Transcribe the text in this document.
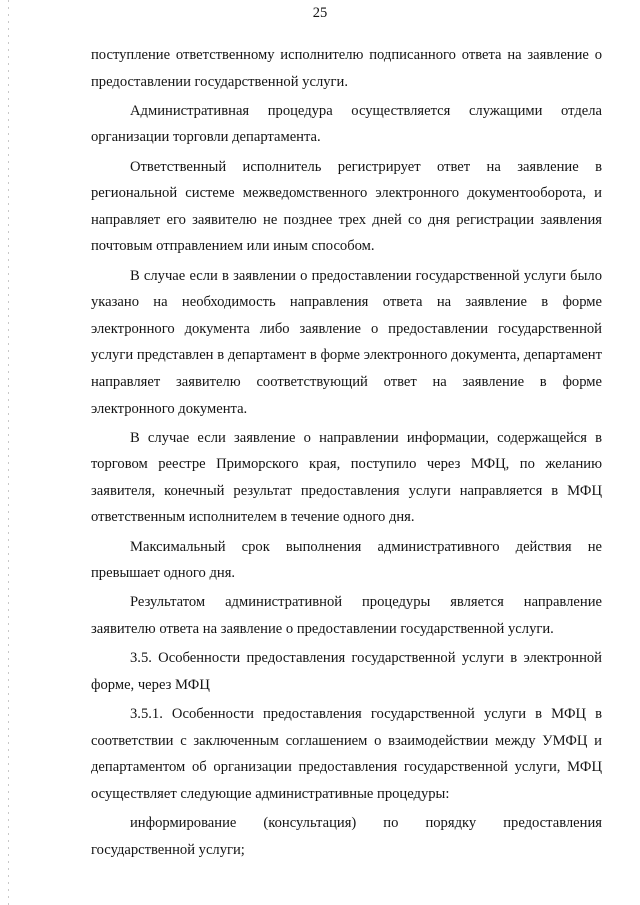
25

поступление ответственному исполнителю подписанного ответа на заявление о предоставлении государственной услуги.

Административная процедура осуществляется служащими отдела организации торговли департамента.

Ответственный исполнитель регистрирует ответ на заявление в региональной системе межведомственного электронного документооборота, и направляет его заявителю не позднее трех дней со дня регистрации заявления почтовым отправлением или иным способом.

В случае если в заявлении о предоставлении государственной услуги было указано на необходимость направления ответа на заявление в форме электронного документа либо заявление о предоставлении государственной услуги представлен в департамент в форме электронного документа, департамент направляет заявителю соответствующий ответ на заявление в форме электронного документа.

В случае если заявление о направлении информации, содержащейся в торговом реестре Приморского края, поступило через МФЦ, по желанию заявителя, конечный результат предоставления услуги направляется в МФЦ ответственным исполнителем в течение одного дня.

Максимальный срок выполнения административного действия не превышает одного дня.

Результатом административной процедуры является направление заявителю ответа на заявление о предоставлении государственной услуги.

3.5. Особенности предоставления государственной услуги в электронной форме, через МФЦ

3.5.1. Особенности предоставления государственной услуги в МФЦ в соответствии с заключенным соглашением о взаимодействии между УМФЦ и департаментом об организации предоставления государственной услуги, МФЦ осуществляет следующие административные процедуры:

информирование (консультация) по порядку предоставления государственной услуги;
